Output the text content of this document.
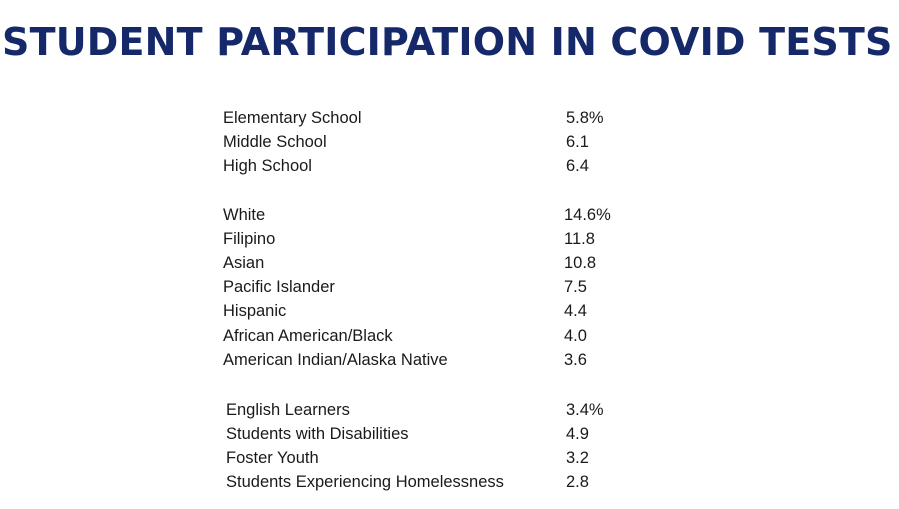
STUDENT PARTICIPATION IN COVID TESTS
Elementary School	5.8%
Middle School	6.1
High School	6.4
White	14.6%
Filipino	11.8
Asian	10.8
Pacific Islander	7.5
Hispanic	4.4
African American/Black	4.0
American Indian/Alaska Native	3.6
English Learners	3.4%
Students with Disabilities	4.9
Foster Youth	3.2
Students Experiencing Homelessness	2.8
